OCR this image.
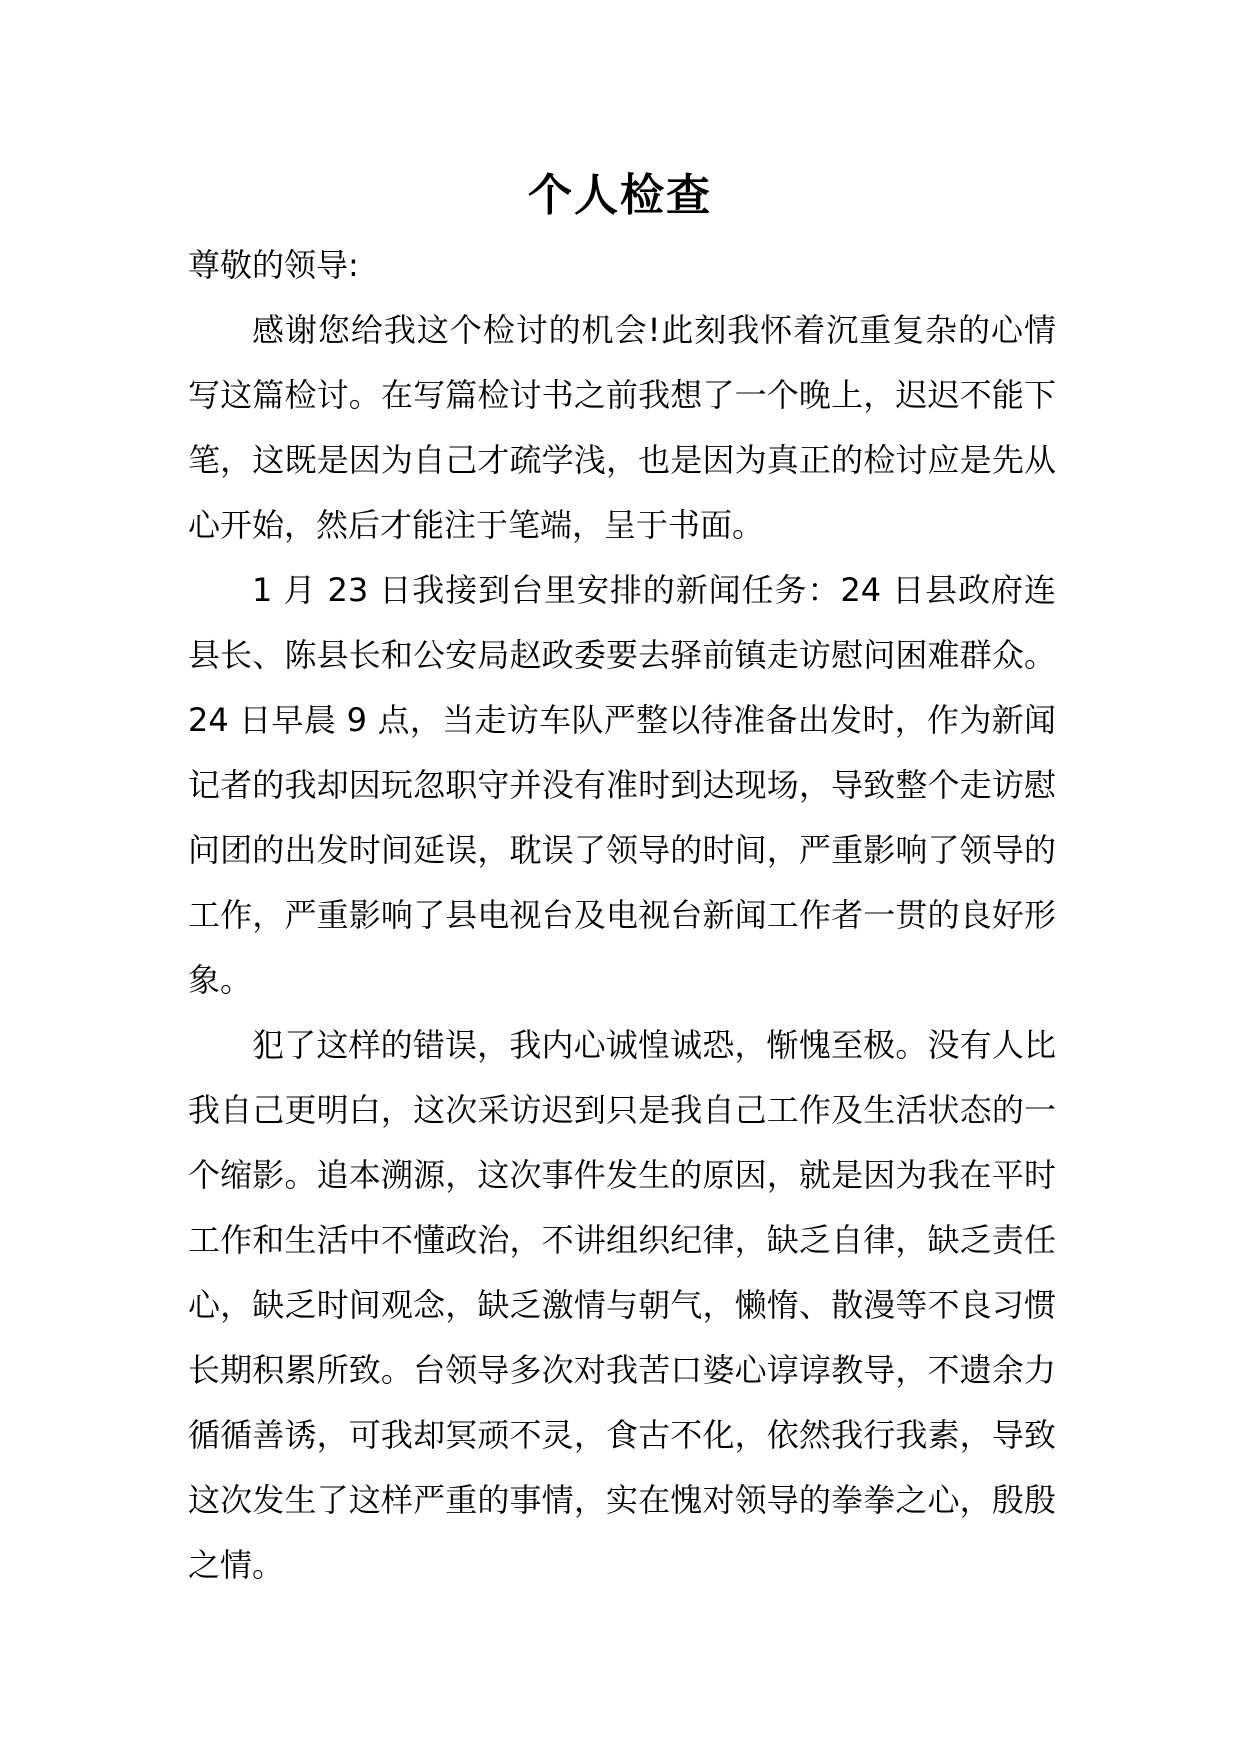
个人检查

尊敬的领导:

感谢您给我这个检讨的机会!此刻我怀着沉重复杂的心情写这篇检讨。在写篇检讨书之前我想了一个晚上，迟迟不能下笔，这既是因为自己才疏学浅，也是因为真正的检讨应是先从心开始，然后才能注于笔端，呈于书面。

1 月 23 日我接到台里安排的新闻任务：24 日县政府连县长、陈县长和公安局赵政委要去驿前镇走访慰问困难群众。24 日早晨 9 点，当走访车队严整以待准备出发时，作为新闻记者的我却因玩忽职守并没有准时到达现场，导致整个走访慰问团的出发时间延误，耽误了领导的时间，严重影响了领导的工作，严重影响了县电视台及电视台新闻工作者一贯的良好形象。

犯了这样的错误，我内心诚惶诚恐，惭愧至极。没有人比我自己更明白，这次采访迟到只是我自己工作及生活状态的一个缩影。追本溯源，这次事件发生的原因，就是因为我在平时工作和生活中不懂政治，不讲组织纪律，缺乏自律，缺乏责任心，缺乏时间观念，缺乏激情与朝气，懒惰、散漫等不良习惯长期积累所致。台领导多次对我苦口婆心谆谆教导，不遗余力循循善诱，可我却冥顽不灵，食古不化，依然我行我素，导致这次发生了这样严重的事情，实在愧对领导的拳拳之心，殷殷之情。
